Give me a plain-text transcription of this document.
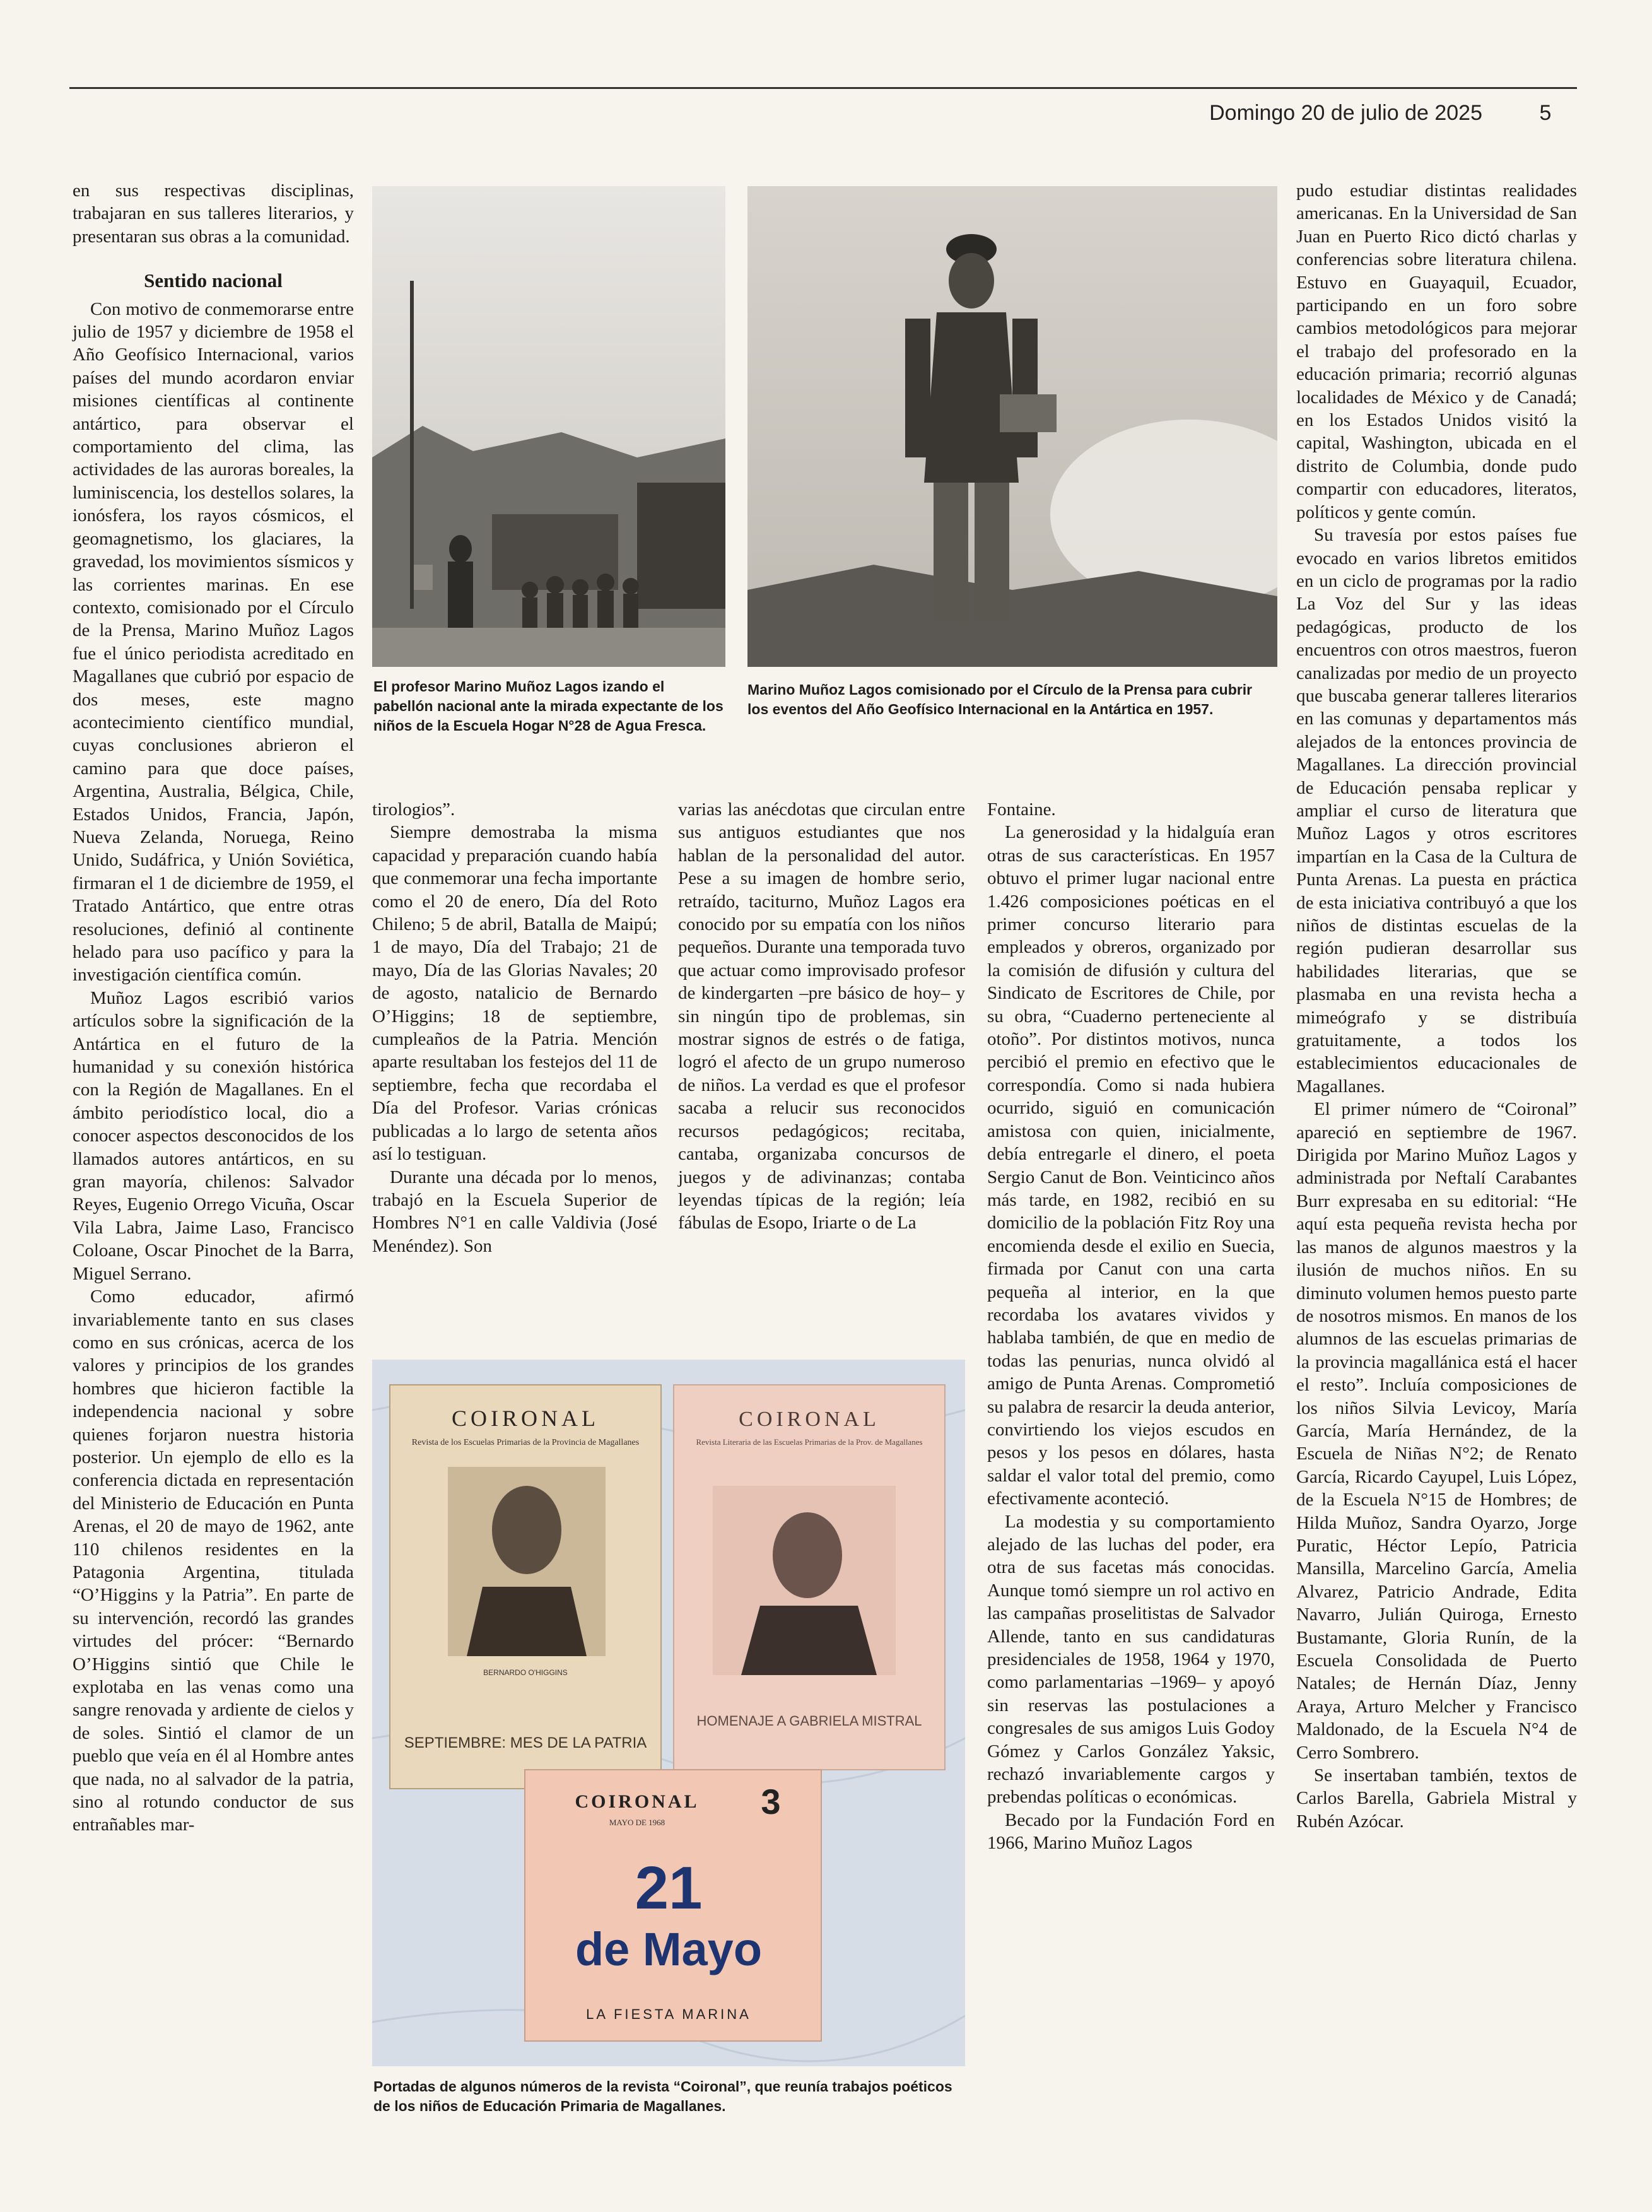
Domingo 20 de julio de 2025	5

en sus respectivas disciplinas, trabajaran en sus talleres literarios, y presentaran sus obras a la comunidad.

Sentido nacional

Con motivo de conmemorarse entre julio de 1957 y diciembre de 1958 el Año Geofísico Internacional, varios países del mundo acordaron enviar misiones científicas al continente antártico, para observar el comportamiento del clima, las actividades de las auroras boreales, la luminiscencia, los destellos solares, la ionósfera, los rayos cósmicos, el geomagnetismo, los glaciares, la gravedad, los movimientos sísmicos y las corrientes marinas. En ese contexto, comisionado por el Círculo de la Prensa, Marino Muñoz Lagos fue el único periodista acreditado en Magallanes que cubrió por espacio de dos meses, este magno acontecimiento científico mundial, cuyas conclusiones abrieron el camino para que doce países, Argentina, Australia, Bélgica, Chile, Estados Unidos, Francia, Japón, Nueva Zelanda, Noruega, Reino Unido, Sudáfrica, y Unión Soviética, firmaran el 1 de diciembre de 1959, el Tratado Antártico, que entre otras resoluciones, definió al continente helado para uso pacífico y para la investigación científica común.

Muñoz Lagos escribió varios artículos sobre la significación de la Antártica en el futuro de la humanidad y su conexión histórica con la Región de Magallanes. En el ámbito periodístico local, dio a conocer aspectos desconocidos de los llamados autores antárticos, en su gran mayoría, chilenos: Salvador Reyes, Eugenio Orrego Vicuña, Oscar Vila Labra, Jaime Laso, Francisco Coloane, Oscar Pinochet de la Barra, Miguel Serrano.

Como educador, afirmó invariablemente tanto en sus clases como en sus crónicas, acerca de los valores y principios de los grandes hombres que hicieron factible la independencia nacional y sobre quienes forjaron nuestra historia posterior. Un ejemplo de ello es la conferencia dictada en representación del Ministerio de Educación en Punta Arenas, el 20 de mayo de 1962, ante 110 chilenos residentes en la Patagonia Argentina, titulada “O’Higgins y la Patria”. En parte de su intervención, recordó las grandes virtudes del prócer: “Bernardo O’Higgins sintió que Chile le explotaba en las venas como una sangre renovada y ardiente de cielos y de soles. Sintió el clamor de un pueblo que veía en él al Hombre antes que nada, no al salvador de la patria, sino al rotundo conductor de sus entrañables mar-

El profesor Marino Muñoz Lagos izando el pabellón nacional ante la mirada expectante de los niños de la Escuela Hogar N°28 de Agua Fresca.
Marino Muñoz Lagos comisionado por el Círculo de la Prensa para cubrir los eventos del Año Geofísico Internacional en la Antártica en 1957.

tirologios”.

Siempre demostraba la misma capacidad y preparación cuando había que conmemorar una fecha importante como el 20 de enero, Día del Roto Chileno; 5 de abril, Batalla de Maipú; 1 de mayo, Día del Trabajo; 21 de mayo, Día de las Glorias Navales; 20 de agosto, natalicio de Bernardo O’Higgins; 18 de septiembre, cumpleaños de la Patria. Mención aparte resultaban los festejos del 11 de septiembre, fecha que recordaba el Día del Profesor. Varias crónicas publicadas a lo largo de setenta años así lo testiguan.

Durante una década por lo menos, trabajó en la Escuela Superior de Hombres N°1 en calle Valdivia (José Menéndez). Son

varias las anécdotas que circulan entre sus antiguos estudiantes que nos hablan de la personalidad del autor. Pese a su imagen de hombre serio, retraído, taciturno, Muñoz Lagos era conocido por su empatía con los niños pequeños. Durante una temporada tuvo que actuar como improvisado profesor de kindergarten –pre básico de hoy– y sin ningún tipo de problemas, sin mostrar signos de estrés o de fatiga, logró el afecto de un grupo numeroso de niños. La verdad es que el profesor sacaba a relucir sus reconocidos recursos pedagógicos; recitaba, cantaba, organizaba concursos de juegos y de adivinanzas; contaba leyendas típicas de la región; leía fábulas de Esopo, Iriarte o de La

Fontaine.

La generosidad y la hidalguía eran otras de sus características. En 1957 obtuvo el primer lugar nacional entre 1.426 composiciones poéticas en el primer concurso literario para empleados y obreros, organizado por la comisión de difusión y cultura del Sindicato de Escritores de Chile, por su obra, “Cuaderno perteneciente al otoño”. Por distintos motivos, nunca percibió el premio en efectivo que le correspondía. Como si nada hubiera ocurrido, siguió en comunicación amistosa con quien, inicialmente, debía entregarle el dinero, el poeta Sergio Canut de Bon. Veinticinco años más tarde, en 1982, recibió en su domicilio de la población Fitz Roy una encomienda desde el exilio en Suecia, firmada por Canut con una carta pequeña al interior, en la que recordaba los avatares vividos y hablaba también, de que en medio de todas las penurias, nunca olvidó al amigo de Punta Arenas. Comprometió su palabra de resarcir la deuda anterior, convirtiendo los viejos escudos en pesos y los pesos en dólares, hasta saldar el valor total del premio, como efectivamente aconteció.

La modestia y su comportamiento alejado de las luchas del poder, era otra de sus facetas más conocidas. Aunque tomó siempre un rol activo en las campañas proselitistas de Salvador Allende, tanto en sus candidaturas presidenciales de 1958, 1964 y 1970, como parlamentarias –1969– y apoyó sin reservas las postulaciones a congresales de sus amigos Luis Godoy Gómez y Carlos González Yaksic, rechazó invariablemente cargos y prebendas políticas o económicas.

Becado por la Fundación Ford en 1966, Marino Muñoz Lagos

pudo estudiar distintas realidades americanas. En la Universidad de San Juan en Puerto Rico dictó charlas y conferencias sobre literatura chilena. Estuvo en Guayaquil, Ecuador, participando en un foro sobre cambios metodológicos para mejorar el trabajo del profesorado en la educación primaria; recorrió algunas localidades de México y de Canadá; en los Estados Unidos visitó la capital, Washington, ubicada en el distrito de Columbia, donde pudo compartir con educadores, literatos, políticos y gente común.

Su travesía por estos países fue evocado en varios libretos emitidos en un ciclo de programas por la radio La Voz del Sur y las ideas pedagógicas, producto de los encuentros con otros maestros, fueron canalizadas por medio de un proyecto que buscaba generar talleres literarios en las comunas y departamentos más alejados de la entonces provincia de Magallanes. La dirección provincial de Educación pensaba replicar y ampliar el curso de literatura que Muñoz Lagos y otros escritores impartían en la Casa de la Cultura de Punta Arenas. La puesta en práctica de esta iniciativa contribuyó a que los niños de distintas escuelas de la región pudieran desarrollar sus habilidades literarias, que se plasmaba en una revista hecha a mimeógrafo y se distribuía gratuitamente, a todos los establecimientos educacionales de Magallanes.

El primer número de “Coironal” apareció en septiembre de 1967. Dirigida por Marino Muñoz Lagos y administrada por Neftalí Carabantes Burr expresaba en su editorial: “He aquí esta pequeña revista hecha por las manos de algunos maestros y la ilusión de muchos niños. En su diminuto volumen hemos puesto parte de nosotros mismos. En manos de los alumnos de las escuelas primarias de la provincia magallánica está el hacer el resto”. Incluía composiciones de los niños Silvia Levicoy, María García, María Hernández, de la Escuela de Niñas N°2; de Renato García, Ricardo Cayupel, Luis López, de la Escuela N°15 de Hombres; de Hilda Muñoz, Sandra Oyarzo, Jorge Puratic, Héctor Lepío, Patricia Mansilla, Marcelino García, Amelia Alvarez, Patricio Andrade, Edita Navarro, Julián Quiroga, Ernesto Bustamante, Gloria Runín, de la Escuela Consolidada de Puerto Natales; de Hernán Díaz, Jenny Araya, Arturo Melcher y Francisco Maldonado, de la Escuela N°4 de Cerro Sombrero.

Se insertaban también, textos de Carlos Barella, Gabriela Mistral y Rubén Azócar.

COIRONAL
Revista de los Escuelas Primarias de la Provincia de Magallanes
BERNARDO O'HIGGINS
SEPTIEMBRE: MES DE LA PATRIA
COIRONAL
Revista Literaria de las Escuelas Primarias de la Prov. de Magallanes
HOMENAJE A GABRIELA MISTRAL
COIRONAL 3
MAYO DE 1968
21
de Mayo
LA FIESTA MARINA
Portadas de algunos números de la revista “Coironal”, que reunía trabajos poéticos de los niños de Educación Primaria de Magallanes.
